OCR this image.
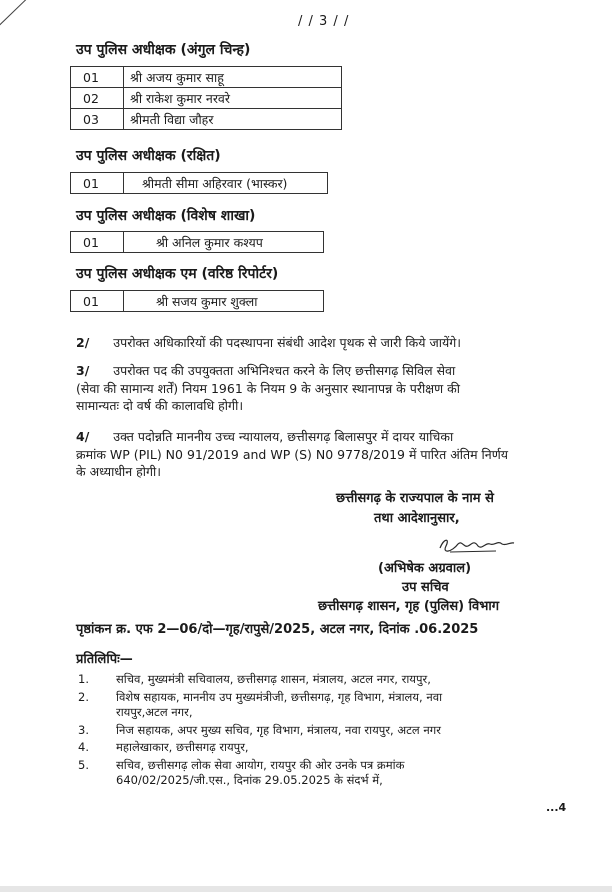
/ / 3 / /
उप पुलिस अधीक्षक (अंगुल चिन्ह)
01	श्री अजय कुमार साहू
02	श्री राकेश कुमार नरवरे
03	श्रीमती विद्या जौहर
उप पुलिस अधीक्षक (रक्षित)
01	श्रीमती सीमा अहिरवार (भास्कर)
उप पुलिस अधीक्षक (विशेष शाखा)
01	श्री अनिल कुमार कश्यप
उप पुलिस अधीक्षक एम (वरिष्ठ रिपोर्टर)
01	श्री सजय कुमार शुक्ला
2/ उपरोक्त अधिकारियों की पदस्थापना संबंधी आदेश पृथक से जारी किये जायेंगे।
3/ उपरोक्त पद की उपयुक्तता अभिनिश्चत करने के लिए छत्तीसगढ़ सिविल सेवा
(सेवा की सामान्य शर्तें) नियम 1961 के नियम 9 के अनुसार स्थानापन्न के परीक्षण की
सामान्यतः दो वर्ष की कालावधि होगी।
4/ उक्त पदोन्नति माननीय उच्च न्यायालय, छत्तीसगढ़ बिलासपुर में दायर याचिका
क्रमांक WP (PIL) N0 91/2019 and WP (S) N0 9778/2019 में पारित अंतिम निर्णय
के अध्याधीन होगी।
छत्तीसगढ़ के राज्यपाल के नाम से
तथा आदेशानुसार,
(अभिषेक अग्रवाल)
उप सचिव
छत्तीसगढ़ शासन, गृह (पुलिस) विभाग
पृष्ठांकन क्र. एफ 2—06/दो—गृह/रापुसे/2025, अटल नगर, दिनांक .06.2025
प्रतिलिपिः—
1.	सचिव, मुख्यमंत्री सचिवालय, छत्तीसगढ़ शासन, मंत्रालय, अटल नगर, रायपुर,
2.	विशेष सहायक, माननीय उप मुख्यमंत्रीजी, छत्तीसगढ़, गृह विभाग, मंत्रालय, नवा
रायपुर,अटल नगर,
3.	निज सहायक, अपर मुख्य सचिव, गृह विभाग, मंत्रालय, नवा रायपुर, अटल नगर
4.	महालेखाकार, छत्तीसगढ़ रायपुर,
5.	सचिव, छत्तीसगढ़ लोक सेवा आयोग, रायपुर की ओर उनके पत्र क्रमांक
640/02/2025/जी.एस., दिनांक 29.05.2025 के संदर्भ में,
...4
